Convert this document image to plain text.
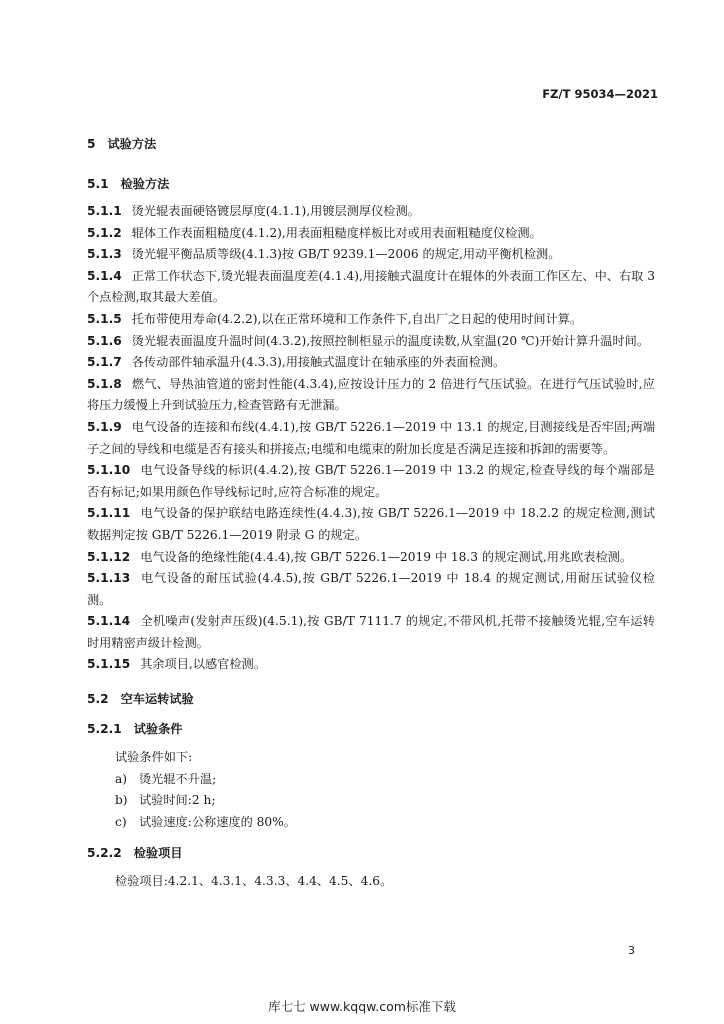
FZ/T 95034—2021
5 试验方法
5.1 检验方法
5.1.1 烫光辊表面硬铬镀层厚度(4.1.1),用镀层测厚仪检测。
5.1.2 辊体工作表面粗糙度(4.1.2),用表面粗糙度样板比对或用表面粗糙度仪检测。
5.1.3 烫光辊平衡品质等级(4.1.3)按 GB/T 9239.1—2006 的规定,用动平衡机检测。
5.1.4 正常工作状态下,烫光辊表面温度差(4.1.4),用接触式温度计在辊体的外表面工作区左、中、右取 3 个点检测,取其最大差值。
5.1.5 托布带使用寿命(4.2.2),以在正常环境和工作条件下,自出厂之日起的使用时间计算。
5.1.6 烫光辊表面温度升温时间(4.3.2),按照控制柜显示的温度读数,从室温(20 ℃)开始计算升温时间。
5.1.7 各传动部件轴承温升(4.3.3),用接触式温度计在轴承座的外表面检测。
5.1.8 燃气、导热油管道的密封性能(4.3.4),应按设计压力的 2 倍进行气压试验。在进行气压试验时,应将压力缓慢上升到试验压力,检查管路有无泄漏。
5.1.9 电气设备的连接和布线(4.4.1),按 GB/T 5226.1—2019 中 13.1 的规定,目测接线是否牢固;两端子之间的导线和电缆是否有接头和拼接点;电缆和电缆束的附加长度是否满足连接和拆卸的需要等。
5.1.10 电气设备导线的标识(4.4.2),按 GB/T 5226.1—2019 中 13.2 的规定,检查导线的每个端部是否有标记;如果用颜色作导线标记时,应符合标准的规定。
5.1.11 电气设备的保护联结电路连续性(4.4.3),按 GB/T 5226.1—2019 中 18.2.2 的规定检测,测试数据判定按 GB/T 5226.1—2019 附录 G 的规定。
5.1.12 电气设备的绝缘性能(4.4.4),按 GB/T 5226.1—2019 中 18.3 的规定测试,用兆欧表检测。
5.1.13 电气设备的耐压试验(4.4.5),按 GB/T 5226.1—2019 中 18.4 的规定测试,用耐压试验仪检测。
5.1.14 全机噪声(发射声压级)(4.5.1),按 GB/T 7111.7 的规定,不带风机,托带不接触烫光辊,空车运转时用精密声级计检测。
5.1.15 其余项目,以感官检测。
5.2 空车运转试验
5.2.1 试验条件
试验条件如下:
a) 烫光辊不升温;
b) 试验时间:2 h;
c) 试验速度:公称速度的 80%。
5.2.2 检验项目
检验项目:4.2.1、4.3.1、4.3.3、4.4、4.5、4.6。
3
库七七 www.kqqw.com标准下载
